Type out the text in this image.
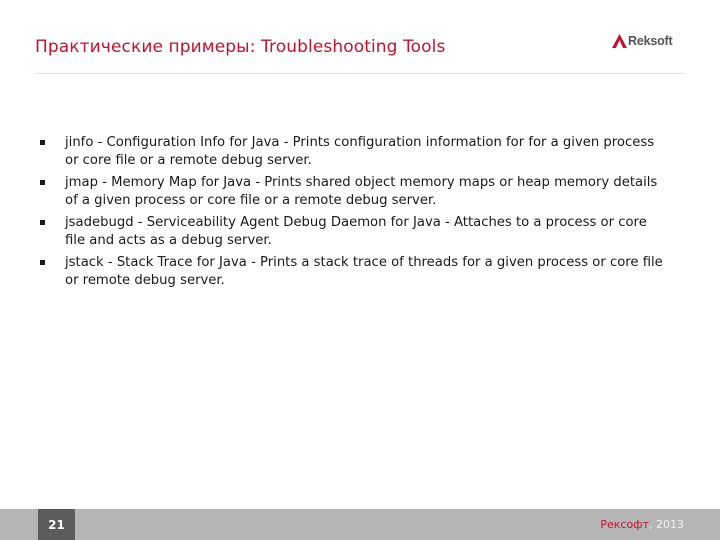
Практические примеры: Troubleshooting Tools	Reksoft
jinfo - Configuration Info for Java - Prints configuration information for for a given process or core file or a remote debug server.
jmap - Memory Map for Java - Prints shared object memory maps or heap memory details of a given process or core file or a remote debug server.
jsadebugd - Serviceability Agent Debug Daemon for Java - Attaches to a process or core file and acts as a debug server.
jstack - Stack Trace for Java - Prints a stack trace of threads for a given process or core file or remote debug server.
21	Рексофт, 2013
